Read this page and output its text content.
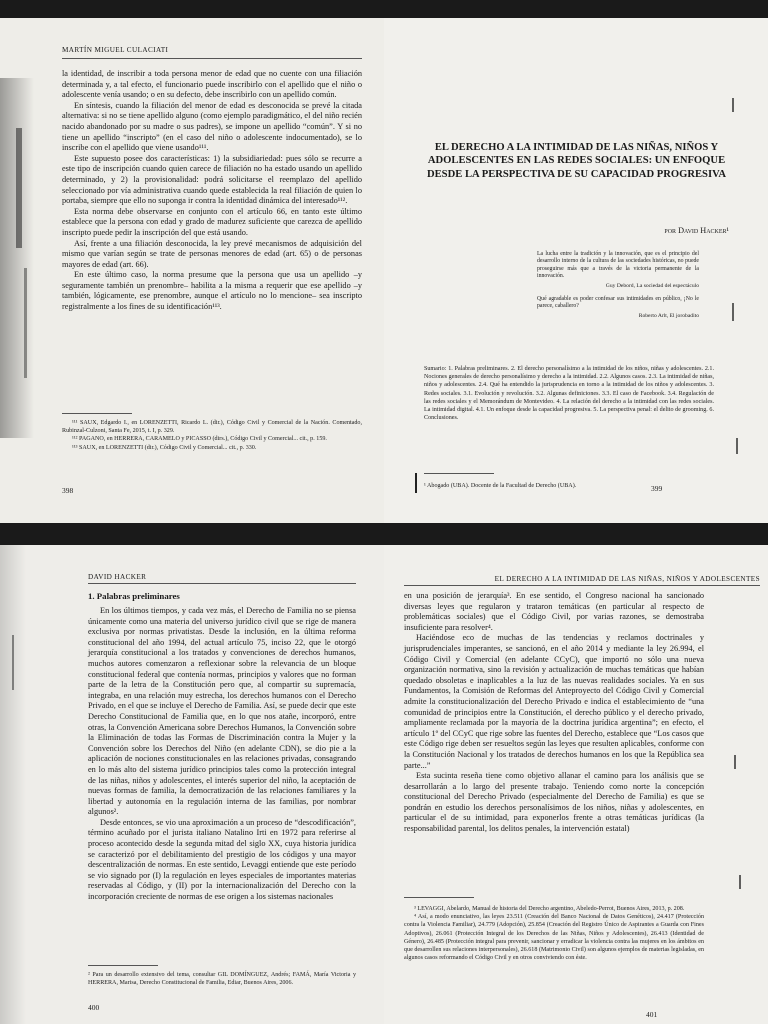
MARTÍN MIGUEL CULACIATI

la identidad, de inscribir a toda persona menor de edad que no cuente con una filiación determinada y, a tal efecto, el funcionario puede inscribirlo con el apellido que el niño o adolescente venía usando; o en su defecto, debe inscribirlo con un apellido común.

En síntesis, cuando la filiación del menor de edad es desconocida se prevé la citada alternativa: si no se tiene apellido alguno (como ejemplo paradigmático, el del niño recién nacido abandonado por su madre o sus padres), se impone un apellido “común”. Y si no tiene un apellido “inscripto” (en el caso del niño o adolescente indocumentado), se lo inscribe con el apellido que viene usando¹¹¹.

Este supuesto posee dos características: 1) la subsidiariedad: pues sólo se recurre a este tipo de inscripción cuando quien carece de filiación no ha estado usando un apellido determinado, y 2) la provisionalidad: podrá solicitarse el reemplazo del apellido seleccionado por vía administrativa cuando quede establecida la real filiación de quien lo portaba, siempre que ello no suponga ir contra la identidad dinámica del interesado¹¹².

Esta norma debe observarse en conjunto con el artículo 66, en tanto este último establece que la persona con edad y grado de madurez suficiente que carezca de apellido inscripto puede pedir la inscripción del que está usando.

Así, frente a una filiación desconocida, la ley prevé mecanismos de adquisición del mismo que varían según se trate de personas menores de edad (art. 65) o de personas mayores de edad (art. 66).

En este último caso, la norma presume que la persona que usa un apellido –y seguramente también un prenombre– habilita a la misma a requerir que ese apellido –y también, lógicamente, ese prenombre, aunque el artículo no lo mencione– sea inscripto registralmente a los fines de su identificación¹¹³.

¹¹¹ SAUX, Edgardo I., en LORENZETTI, Ricardo L. (dir.), Código Civil y Comercial de la Nación. Comentado, Rubinzal-Culzoni, Santa Fe, 2015, t. I, p. 329.

¹¹² PAGANO, en HERRERA, CARAMELO y PICASSO (dirs.), Código Civil y Comercial... cit., p. 159.

¹¹³ SAUX, en LORENZETTI (dir.), Código Civil y Comercial... cit., p. 330.

398
EL DERECHO A LA INTIMIDAD DE LAS NIÑAS, NIÑOS Y ADOLESCENTES EN LAS REDES SOCIALES: UN ENFOQUE DESDE LA PERSPECTIVA DE SU CAPACIDAD PROGRESIVA
por David Hacker¹

La lucha entre la tradición y la innovación, que es el principio del desarrollo interno de la cultura de las sociedades históricas, no puede proseguirse más que a través de la victoria permanente de la innovación.

Guy Debord, La sociedad del espectáculo

Qué agradable es poder confesar sus intimidades en público, ¡No le parece, caballero?

Roberto Arlt, El jorobadito

Sumario: 1. Palabras preliminares. 2. El derecho personalísimo a la intimidad de los niños, niñas y adolescentes. 2.1. Nociones generales de derecho personalísimo y derecho a la intimidad. 2.2. Algunos casos. 2.3. La intimidad de niñas, niños y adolescentes. 2.4. Qué ha entendido la jurisprudencia en torno a la intimidad de los niños y adolescentes. 3. Redes sociales. 3.1. Evolución y revolución. 3.2. Algunas definiciones. 3.3. El caso de Facebook. 3.4. Regulación de las redes sociales y el Memorándum de Montevideo. 4. La relación del derecho a la intimidad con las redes sociales. La intimidad digital. 4.1. Un enfoque desde la capacidad progresiva. 5. La perspectiva penal: el delito de grooming. 6. Conclusiones.
¹ Abogado (UBA). Docente de la Facultad de Derecho (UBA).	399
DAVID HACKER
1. Palabras preliminares

En los últimos tiempos, y cada vez más, el Derecho de Familia no se piensa únicamente como una materia del universo jurídico civil que se rige de manera exclusiva por normas privatistas. Desde la inclusión, en la última reforma constitucional del año 1994, del actual artículo 75, inciso 22, que le otorgó jerarquía constitucional a los tratados y convenciones de derechos humanos, muchos autores comenzaron a reflexionar sobre la relevancia de un bloque constitucional federal que contenía normas, principios y valores que no forman parte de la letra de la Constitución pero que, al compartir su supremacía, integraba, en una relación muy estrecha, los derechos humanos con el Derecho Privado, en el que se incluye el Derecho de Familia. Así, se puede decir que este Derecho Constitucional de Familia que, en lo que nos atañe, incorporó, entre otras, la Convención Americana sobre Derechos Humanos, la Convención sobre la Eliminación de todas las Formas de Discriminación contra la Mujer y la Convención sobre los Derechos del Niño (en adelante CDN), se dio pie a la aplicación de nociones constitucionales en las relaciones privadas, consagrando en lo más alto del sistema jurídico principios tales como la protección integral de las niñas, niños y adolescentes, el interés superior del niño, la aceptación de nuevas formas de familia, la democratización de las relaciones familiares y la libertad y autonomía en la regulación interna de las familias, por nombrar algunos².

Desde entonces, se vio una aproximación a un proceso de “descodificación”, término acuñado por el jurista italiano Natalino Irti en 1972 para referirse al proceso acontecido desde la segunda mitad del siglo XX, cuya historia jurídica se caracterizó por el debilitamiento del prestigio de los códigos y una mayor descentralización de normas. En este sentido, Levaggi entiende que este período se vio signado por (I) la regulación en leyes especiales de importantes materias reservadas al Código, y (II) por la internacionalización del Derecho con la incorporación creciente de normas de ese origen a los sistemas nacionales

² Para un desarrollo extensivo del tema, consultar GIL DOMÍNGUEZ, Andrés; FAMÁ, María Victoria y HERRERA, Marisa, Derecho Constitucional de Familia, Ediar, Buenos Aires, 2006.
400
EL DERECHO A LA INTIMIDAD DE LAS NIÑAS, NIÑOS Y ADOLESCENTES

en una posición de jerarquía³. En ese sentido, el Congreso nacional ha sancionado diversas leyes que regularon y trataron temáticas (en particular al respecto de problemáticas sociales) que el Código Civil, por varias razones, se demostraba insuficiente para resolver⁴.

Haciéndose eco de muchas de las tendencias y reclamos doctrinales y jurisprudenciales imperantes, se sancionó, en el año 2014 y mediante la ley 26.994, el Código Civil y Comercial (en adelante CCyC), que importó no sólo una nueva organización normativa, sino la revisión y actualización de muchas temáticas que habían quedado obsoletas e inaplicables a la luz de las nuevas realidades sociales. Ya en sus Fundamentos, la Comisión de Reformas del Anteproyecto del Código Civil y Comercial admite la constitucionalización del Derecho Privado e indica el establecimiento de “una comunidad de principios entre la Constitución, el derecho público y el derecho privado, ampliamente reclamada por la mayoría de la doctrina jurídica argentina”; en efecto, el artículo 1º del CCyC que rige sobre las fuentes del Derecho, establece que “Los casos que este Código rige deben ser resueltos según las leyes que resulten aplicables, conforme con la Constitución Nacional y los tratados de derechos humanos en los que la República sea parte...”

Esta sucinta reseña tiene como objetivo allanar el camino para los análisis que se desarrollarán a lo largo del presente trabajo. Teniendo como norte la concepción constitucional del Derecho Privado (especialmente del Derecho de Familia) es que se pondrán en estudio los derechos personalísimos de los niños, niñas y adolescentes, en particular el de su intimidad, para exponerlos frente a otras temáticas jurídicas (la responsabilidad parental, los delitos penales, la intervención estatal)

³ LEVAGGI, Abelardo, Manual de historia del Derecho argentino, Abeledo-Perrot, Buenos Aires, 2013, p. 208.

⁴ Así, a modo enunciativo, las leyes 23.511 (Creación del Banco Nacional de Datos Genéticos), 24.417 (Protección contra la Violencia Familiar), 24.779 (Adopción), 25.854 (Creación del Registro Único de Aspirantes a Guarda con Fines Adoptivos), 26.061 (Protección Integral de los Derechos de las Niñas, Niños y Adolescentes), 26.413 (Identidad de Género), 26.485 (Protección integral para prevenir, sancionar y erradicar la violencia contra las mujeres en los ámbitos en que desarrollen sus relaciones interpersonales), 26.618 (Matrimonio Civil) son algunos ejemplos de materias legisladas, en algunos casos reformando el Código Civil y en otros conviviendo con éste.

401
